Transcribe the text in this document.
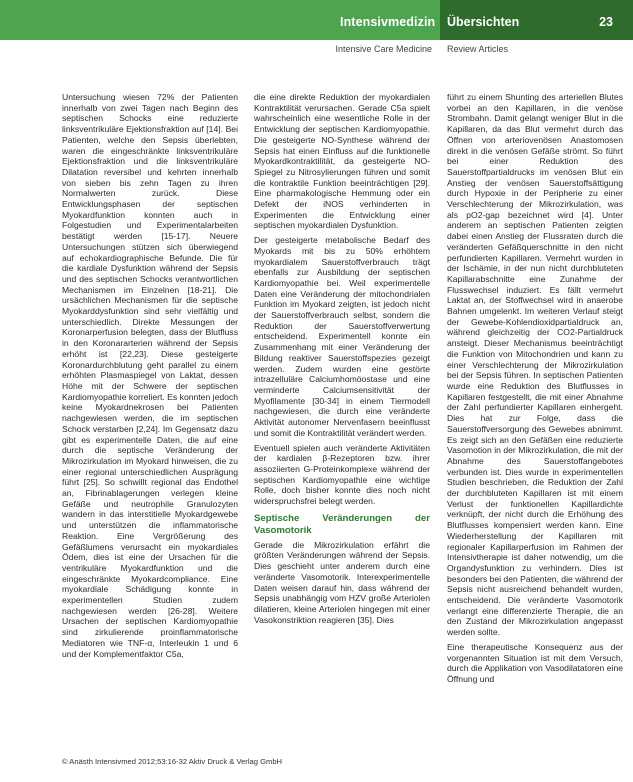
Intensivmedizin Übersichten	23
Intensive Care Medicine Review Articles

Untersuchung wiesen 72% der Patienten innerhalb von zwei Tagen nach Beginn des septischen Schocks eine reduzierte linksventrikuläre Ejektionsfraktion auf [14]. Bei Patienten, welche den Sepsis überlebten, waren die eingeschränkte linksventrikuläre Ejektionsfraktion und die linksventrikuläre Dilatation reversibel und kehrten innerhalb von sieben bis zehn Tagen zu ihren Normalwerten zurück. Diese Entwicklungsphasen der septischen Myokardfunktion konnten auch in Folgestudien und Experimentalarbeiten bestätigt werden [15-17]. Neuere Untersuchungen stützen sich überwiegend auf echokardiographische Befunde. Die für die kardiale Dysfunktion während der Sepsis und des septischen Schocks verantwortlichen Mechanismen im Einzelnen [18-21]. Die ursächlichen Mechanismen für die septische Myokarddysfunktion sind sehr vielfältig und unterschiedlich. Direkte Messungen der Koronarperfusion belegten, dass der Blutfluss in den Koronararterien während der Sepsis erhöht ist [22,23]. Diese gesteigerte Koronardurchblutung geht parallel zu einem erhöhten Plasmaspiegel von Laktat, dessen Höhe mit der Schwere der septischen Kardiomyopathie korreliert. Es konnten jedoch keine Myokardnekrosen bei Patienten nachgewiesen werden, die im septischen Schock verstarben [2,24]. Im Gegensatz dazu gibt es experimentelle Daten, die auf eine durch die septische Veränderung der Mikrozirkulation im Myokard hinweisen, die zu einer regional unterschiedlichen Ausprägung führt [25]. So schwillt regional das Endothel an, Fibrinablagerungen verlegen kleine Gefäße und neutrophile Granulozyten wandern in das interstitielle Myokardgewebe und unterstützen die inflammatorische Reaktion. Eine Vergrößerung des Gefäßlumens verursacht ein myokardiales Ödem, dies ist eine der Ursachen für die ventrikuläre Myokardfunktion und die eingeschränkte Myokardcompliance. Eine myokardiale Schädigung konnte in experimentellen Studien zudem nachgewiesen werden [26-28]. Weitere Ursachen der septischen Kardiomyopathie sind zirkulierende proinflammatorische Mediatoren wie TNF-α, Interleukin 1 und 6 und der Komplementfaktor C5a,

die eine direkte Reduktion der myokardialen Kontraktilität verursachen. Gerade C5a spielt wahrscheinlich eine wesentliche Rolle in der Entwicklung der septischen Kardiomyopathie. Die gesteigerte NO-Synthese während der Sepsis hat einen Einfluss auf die funktionelle Myokardkontraktilität, da gesteigerte NO-Spiegel zu Nitrosylierungen führen und somit die kontraktile Funktion beeinträchtigen [29]. Eine pharmakologische Hemmung oder ein Defekt der iNOS verhinderten in Experimenten die Entwicklung einer septischen myokardialen Dysfunktion.

Der gesteigerte metabolische Bedarf des Myokards mit bis zu 50% erhöhtem myokardialem Sauerstoffverbrauch trägt ebenfalls zur Ausbildung der septischen Kardiomyopathie bei. Weil experimentelle Daten eine Veränderung der mitochondrialen Funktion im Myokard zeigten, ist jedoch nicht der Sauerstoffverbrauch selbst, sondern die Reduktion der Sauerstoffverwertung entscheidend. Experimentell konnte ein Zusammenhang mit einer Veränderung der Bildung reaktiver Sauerstoffspezies gezeigt werden. Zudem wurden eine gestörte intrazelluläre Calciumhomöostase und eine verminderte Calciumsensitivität der Myofilamente [30-34] in einem Tiermodell nachgewiesen, die durch eine veränderte Aktivität autonomer Nervenfasern beeinflusst und somit die Kontraktilität verändert werden.

Eventuell spielen auch veränderte Aktivitäten der kardialen β-Rezeptoren bzw. ihrer assoziierten G-Proteinkomplexe während der septischen Kardiomyopathie eine wichtige Rolle, doch bisher konnte dies noch nicht widerspruchsfrei belegt werden.

Septische Veränderungen der Vasomotorik

Gerade die Mikrozirkulation erfährt die größten Veränderungen während der Sepsis. Dies geschieht unter anderem durch eine veränderte Vasomotorik. Interexperimentelle Daten weisen darauf hin, dass während der Sepsis unabhängig vom HZV große Arteriolen dilatieren, kleine Arteriolen hingegen mit einer Vasokonstriktion reagieren [35]. Dies

führt zu einem Shunting des arteriellen Blutes vorbei an den Kapillaren, in die venöse Strombahn. Damit gelangt weniger Blut in die Kapillaren, da das Blut vermehrt durch das Öffnen von arteriovenösen Anastomosen direkt in die venösen Gefäße strömt. So führt bei einer Reduktion des Sauerstoffpartialdrucks im venösen Blut ein Anstieg der venösen Sauerstoffsättigung durch Hypoxie in der Peripherie zu einer Verschlechterung der Mikrozirkulation, was als pO2-gap bezeichnet wird [4]. Unter anderem an septischen Patienten zeigten dabei einen Anstieg der Flussraten durch die veränderten Gefäßquerschnitte in den nicht perfundierten Kapillaren. Vermehrt wurden in der Ischämie, in der nun nicht durchbluteten Kapillarabschnitte eine Zunahme der Flusswechsel induziert. Es fällt vermehrt Laktat an, der Stoffwechsel wird in anaerobe Bahnen umgelenkt. Im weiteren Verlauf steigt der Gewebe-Kohlendioxidpartialdruck an, während gleichzeitig der CO2-Partialdruck ansteigt. Dieser Mechanismus beeinträchtigt die Funktion von Mitochondrien und kann zu einer Verschlechterung der Mikrozirkulation bei der Sepsis führen. In septischen Patienten wurde eine Reduktion des Blutflusses in Kapillaren festgestellt, die mit einer Abnahme der Zahl perfundierter Kapillaren einhergeht. Dies hat zur Folge, dass die Sauerstoffversorgung des Gewebes abnimmt. Es zeigt sich an den Gefäßen eine reduzierte Vasomotion in der Mikrozirkulation, die mit der Abnahme des Sauerstoffangebotes verbunden ist. Dies wurde in experimentellen Studien beschrieben, die Reduktion der Zahl der durchbluteten Kapillaren ist mit einem Verlust der funktionellen Kapillardichte verknüpft, der nicht durch die Erhöhung des Blutflusses kompensiert werden kann. Eine Wiederherstellung der Kapillaren mit regionaler Kapillarperfusion im Rahmen der Intensivtherapie ist daher notwendig, um die Organdysfunktion zu verhindern. Dies ist besonders bei den Patienten, die während der Sepsis nicht ausreichend behandelt wurden, entscheidend. Die veränderte Vasomotorik verlangt eine differenzierte Therapie, die an den Zustand der Mikrozirkulation angepasst werden sollte.

Eine therapeutische Konsequenz aus der vorgenannten Situation ist mit dem Versuch, durch die Applikation von Vasodilatatoren eine Öffnung und

© Anästh Intensivmed 2012;53:16-32 Aktiv Druck & Verlag GmbH
